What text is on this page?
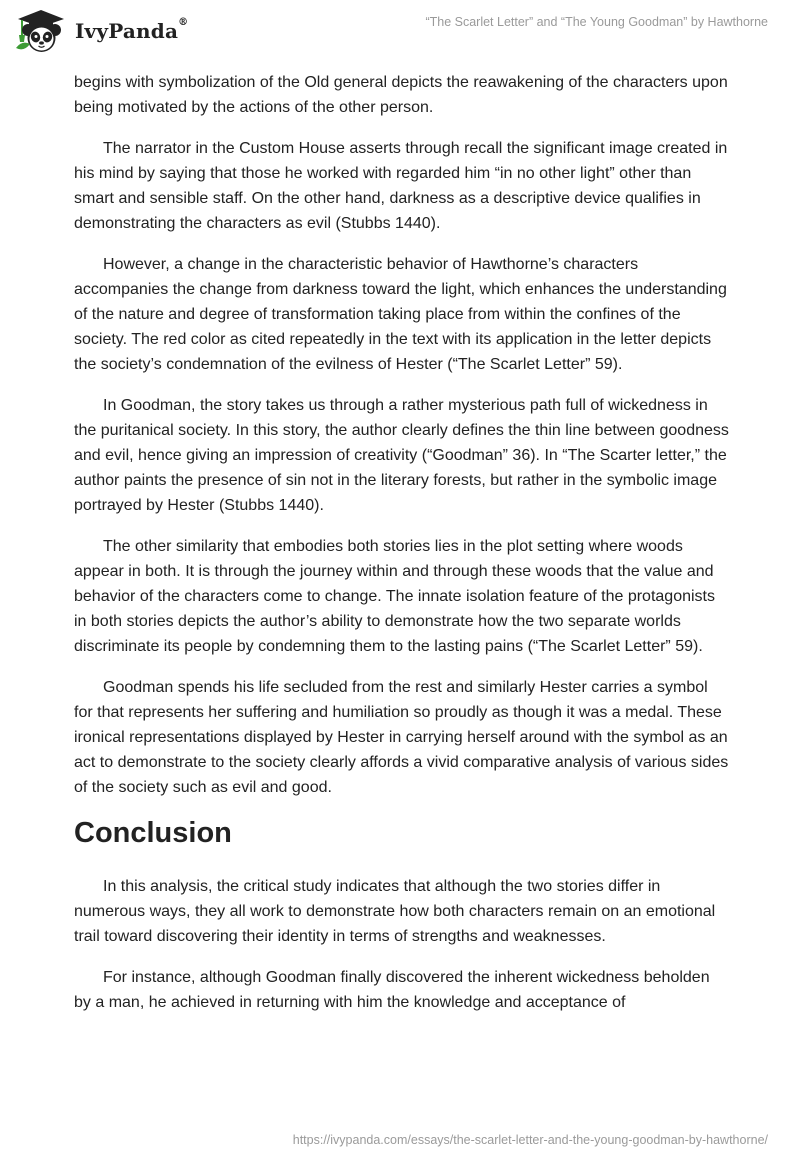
IvyPanda®	“The Scarlet Letter” and “The Young Goodman” by Hawthorne

begins with symbolization of the Old general depicts the reawakening of the characters upon being motivated by the actions of the other person.

The narrator in the Custom House asserts through recall the significant image created in his mind by saying that those he worked with regarded him “in no other light” other than smart and sensible staff. On the other hand, darkness as a descriptive device qualifies in demonstrating the characters as evil (Stubbs 1440).

However, a change in the characteristic behavior of Hawthorne’s characters accompanies the change from darkness toward the light, which enhances the understanding of the nature and degree of transformation taking place from within the confines of the society. The red color as cited repeatedly in the text with its application in the letter depicts the society’s condemnation of the evilness of Hester (“The Scarlet Letter” 59).

In Goodman, the story takes us through a rather mysterious path full of wickedness in the puritanical society. In this story, the author clearly defines the thin line between goodness and evil, hence giving an impression of creativity (“Goodman” 36). In “The Scarter letter,” the author paints the presence of sin not in the literary forests, but rather in the symbolic image portrayed by Hester (Stubbs 1440).

The other similarity that embodies both stories lies in the plot setting where woods appear in both. It is through the journey within and through these woods that the value and behavior of the characters come to change. The innate isolation feature of the protagonists in both stories depicts the author’s ability to demonstrate how the two separate worlds discriminate its people by condemning them to the lasting pains (“The Scarlet Letter” 59).

Goodman spends his life secluded from the rest and similarly Hester carries a symbol for that represents her suffering and humiliation so proudly as though it was a medal. These ironical representations displayed by Hester in carrying herself around with the symbol as an act to demonstrate to the society clearly affords a vivid comparative analysis of various sides of the society such as evil and good.

Conclusion

In this analysis, the critical study indicates that although the two stories differ in numerous ways, they all work to demonstrate how both characters remain on an emotional trail toward discovering their identity in terms of strengths and weaknesses.

For instance, although Goodman finally discovered the inherent wickedness beholden by a man, he achieved in returning with him the knowledge and acceptance of

https://ivypanda.com/essays/the-scarlet-letter-and-the-young-goodman-by-hawthorne/
